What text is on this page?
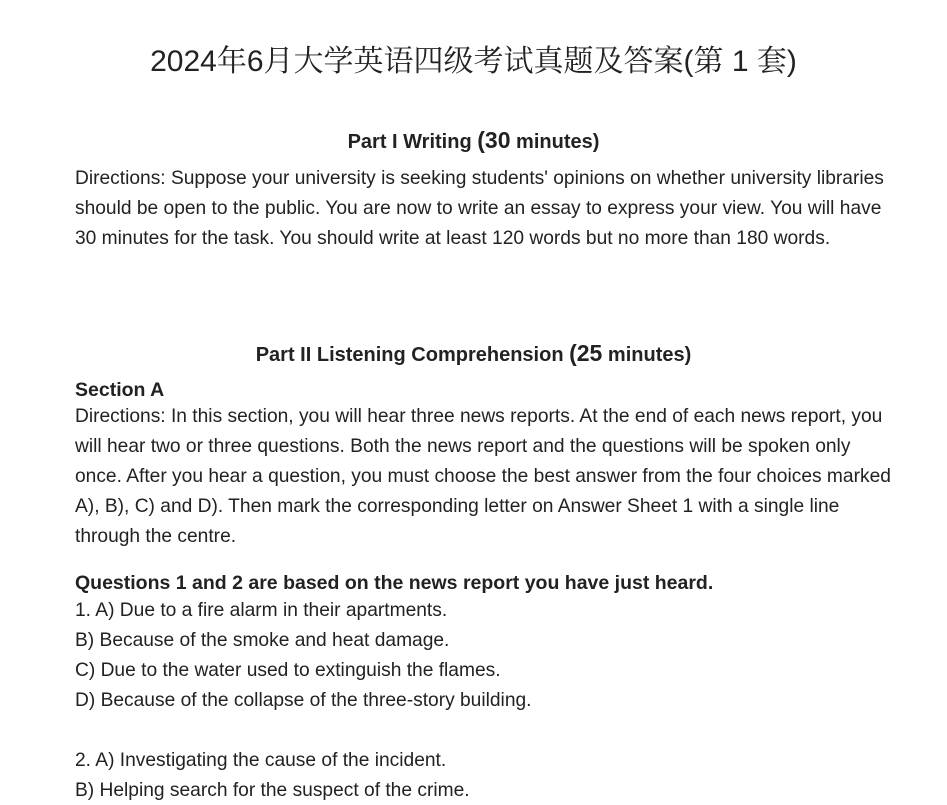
2024年6月大学英语四级考试真题及答案(第 1 套)
Part I Writing (30 minutes)

Directions: Suppose your university is seeking students' opinions on whether university libraries should be open to the public. You are now to write an essay to express your view. You will have 30 minutes for the task. You should write at least 120 words but no more than 180 words.

Part II Listening Comprehension (25 minutes)

Section A

Directions: In this section, you will hear three news reports. At the end of each news report, you will hear two or three questions. Both the news report and the questions will be spoken only once. After you hear a question, you must choose the best answer from the four choices marked A), B), C) and D). Then mark the corresponding letter on Answer Sheet 1 with a single line through the centre.

Questions 1 and 2 are based on the news report you have just heard.

1. A) Due to a fire alarm in their apartments.

B) Because of the smoke and heat damage.

C) Due to the water used to extinguish the flames.

D) Because of the collapse of the three-story building.

2. A) Investigating the cause of the incident.

B) Helping search for the suspect of the crime.
